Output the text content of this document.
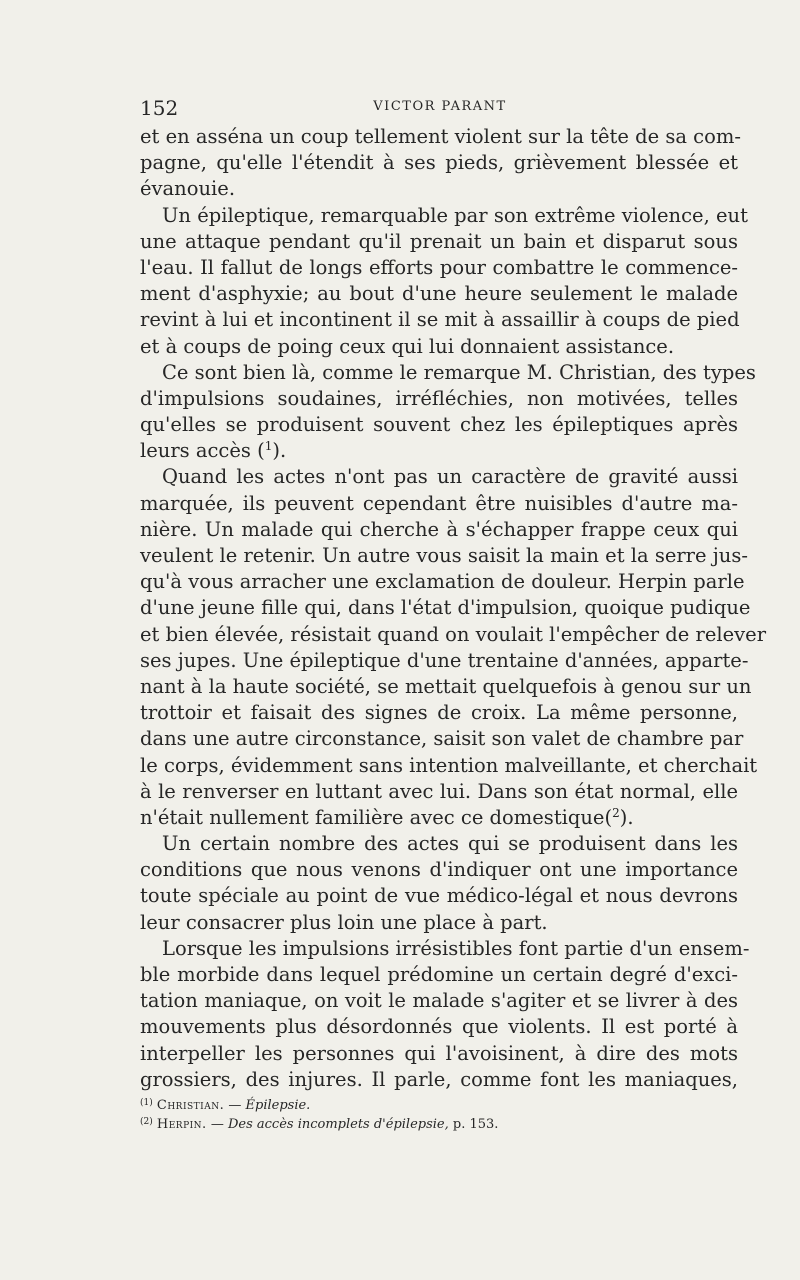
152	VICTOR PARANT
et en asséna un coup tellement violent sur la tête de sa com-
pagne, qu'elle l'étendit à ses pieds, grièvement blessée et
évanouie.
Un épileptique, remarquable par son extrême violence, eut
une attaque pendant qu'il prenait un bain et disparut sous
l'eau. Il fallut de longs efforts pour combattre le commence-
ment d'asphyxie; au bout d'une heure seulement le malade
revint à lui et incontinent il se mit à assaillir à coups de pied
et à coups de poing ceux qui lui donnaient assistance.
Ce sont bien là, comme le remarque M. Christian, des types
d'impulsions soudaines, irréfléchies, non motivées, telles
qu'elles se produisent souvent chez les épileptiques après
leurs accès ($^1$).
Quand les actes n'ont pas un caractère de gravité aussi
marquée, ils peuvent cependant être nuisibles d'autre ma-
nière. Un malade qui cherche à s'échapper frappe ceux qui
veulent le retenir. Un autre vous saisit la main et la serre jus-
qu'à vous arracher une exclamation de douleur. Herpin parle
d'une jeune fille qui, dans l'état d'impulsion, quoique pudique
et bien élevée, résistait quand on voulait l'empêcher de relever
ses jupes. Une épileptique d'une trentaine d'années, apparte-
nant à la haute société, se mettait quelquefois à genou sur un
trottoir et faisait des signes de croix. La même personne,
dans une autre circonstance, saisit son valet de chambre par
le corps, évidemment sans intention malveillante, et cherchait
à le renverser en luttant avec lui. Dans son état normal, elle
n'était nullement familière avec ce domestique($^2$).
Un certain nombre des actes qui se produisent dans les
conditions que nous venons d'indiquer ont une importance
toute spéciale au point de vue médico-légal et nous devrons
leur consacrer plus loin une place à part.
Lorsque les impulsions irrésistibles font partie d'un ensem-
ble morbide dans lequel prédomine un certain degré d'exci-
tation maniaque, on voit le malade s'agiter et se livrer à des
mouvements plus désordonnés que violents. Il est porté à
interpeller les personnes qui l'avoisinent, à dire des mots
grossiers, des injures. Il parle, comme font les maniaques,
$^{(1)}$ Christian. — Épilepsie.
$^{(2)}$ Herpin. — Des accès incomplets d'épilepsie, p. 153.
